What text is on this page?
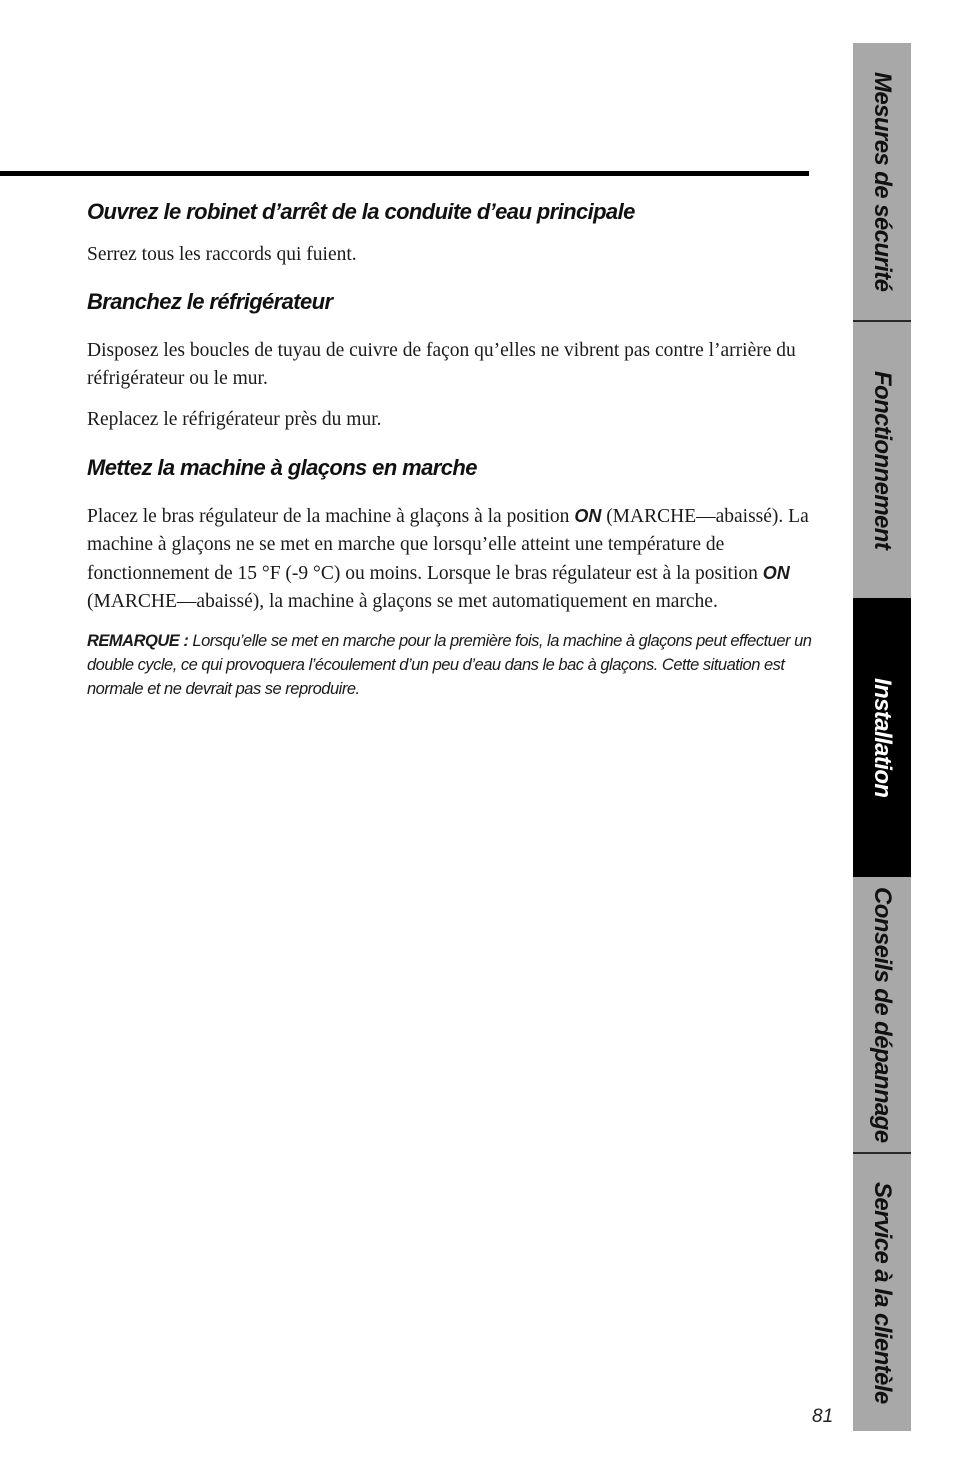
Ouvrez le robinet d’arrêt de la conduite d’eau principale

Serrez tous les raccords qui fuient.

Branchez le réfrigérateur

Disposez les boucles de tuyau de cuivre de façon qu’elles ne vibrent pas contre l’arrière du réfrigérateur ou le mur.

Replacez le réfrigérateur près du mur.

Mettez la machine à glaçons en marche

Placez le bras régulateur de la machine à glaçons à la position ON (MARCHE—abaissé). La machine à glaçons ne se met en marche que lorsqu’elle atteint une température de fonctionnement de 15 °F (-9 °C) ou moins. Lorsque le bras régulateur est à la position ON (MARCHE—abaissé), la machine à glaçons se met automatiquement en marche.

REMARQUE : Lorsqu’elle se met en marche pour la première fois, la machine à glaçons peut effectuer un double cycle, ce qui provoquera l’écoulement d’un peu d’eau dans le bac à glaçons. Cette situation est normale et ne devrait pas se reproduire.

Mesures de sécurité
Fonctionnement
Installation
Conseils de dépannage
Service à la clientèle
81
